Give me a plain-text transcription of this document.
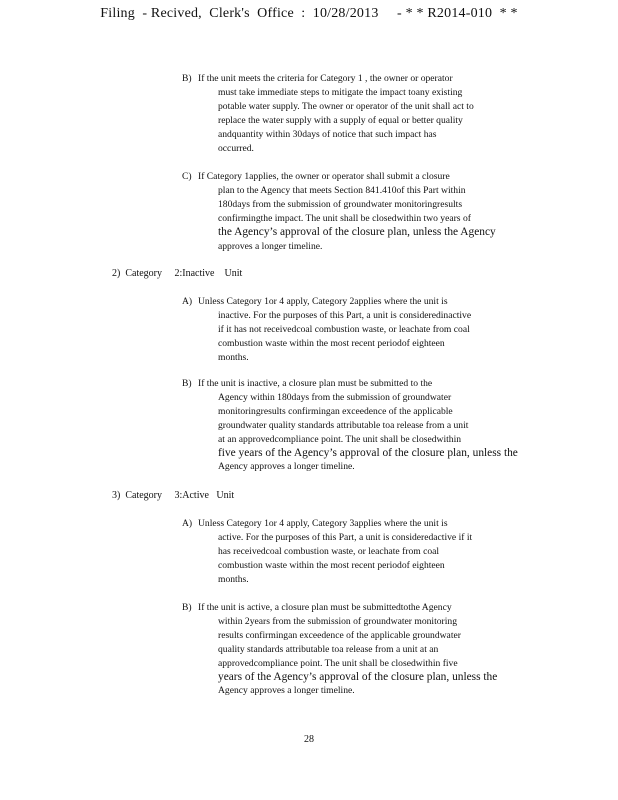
Filing  - Recived,  Clerk's  Office  :  10/28/2013     - * * R2014-010  * *
B) If the unit meets the criteria for Category 1 , the owner or operator
must take immediate steps to mitigate the impact toany existing
potable water supply. The owner or operator of the unit shall act to
replace the water supply with a supply of equal or better quality
andquantity within 30days of notice that such impact has
occurred.
C) If Category 1applies, the owner or operator shall submit a closure
plan to the Agency that meets Section 841.410of this Part within
180days from the submission of groundwater monitoringresults
confirmingthe impact. The unit shall be closedwithin two years of
the Agency’s approval of the closure plan, unless the Agency
approves a longer timeline.
2)  Category     2:Inactive    Unit
A) Unless Category 1or 4 apply, Category 2applies where the unit is
inactive. For the purposes of this Part, a unit is consideredinactive
if it has not receivedcoal combustion waste, or leachate from coal
combustion waste within the most recent periodof eighteen
months.
B) If the unit is inactive, a closure plan must be submitted to the
Agency within 180days from the submission of groundwater
monitoringresults confirmingan exceedence of the applicable
groundwater quality standards attributable toa release from a unit
at an approvedcompliance point. The unit shall be closedwithin
five years of the Agency’s approval of the closure plan, unless the
Agency approves a longer timeline.
3)  Category     3:Active   Unit
A) Unless Category 1or 4 apply, Category 3applies where the unit is
active. For the purposes of this Part, a unit is consideredactive if it
has receivedcoal combustion waste, or leachate from coal
combustion waste within the most recent periodof eighteen
months.
B) If the unit is active, a closure plan must be submittedtothe Agency
within 2years from the submission of groundwater monitoring
results confirmingan exceedence of the applicable groundwater
quality standards attributable toa release from a unit at an
approvedcompliance point. The unit shall be closedwithin five
years of the Agency’s approval of the closure plan, unless the
Agency approves a longer timeline.
28
